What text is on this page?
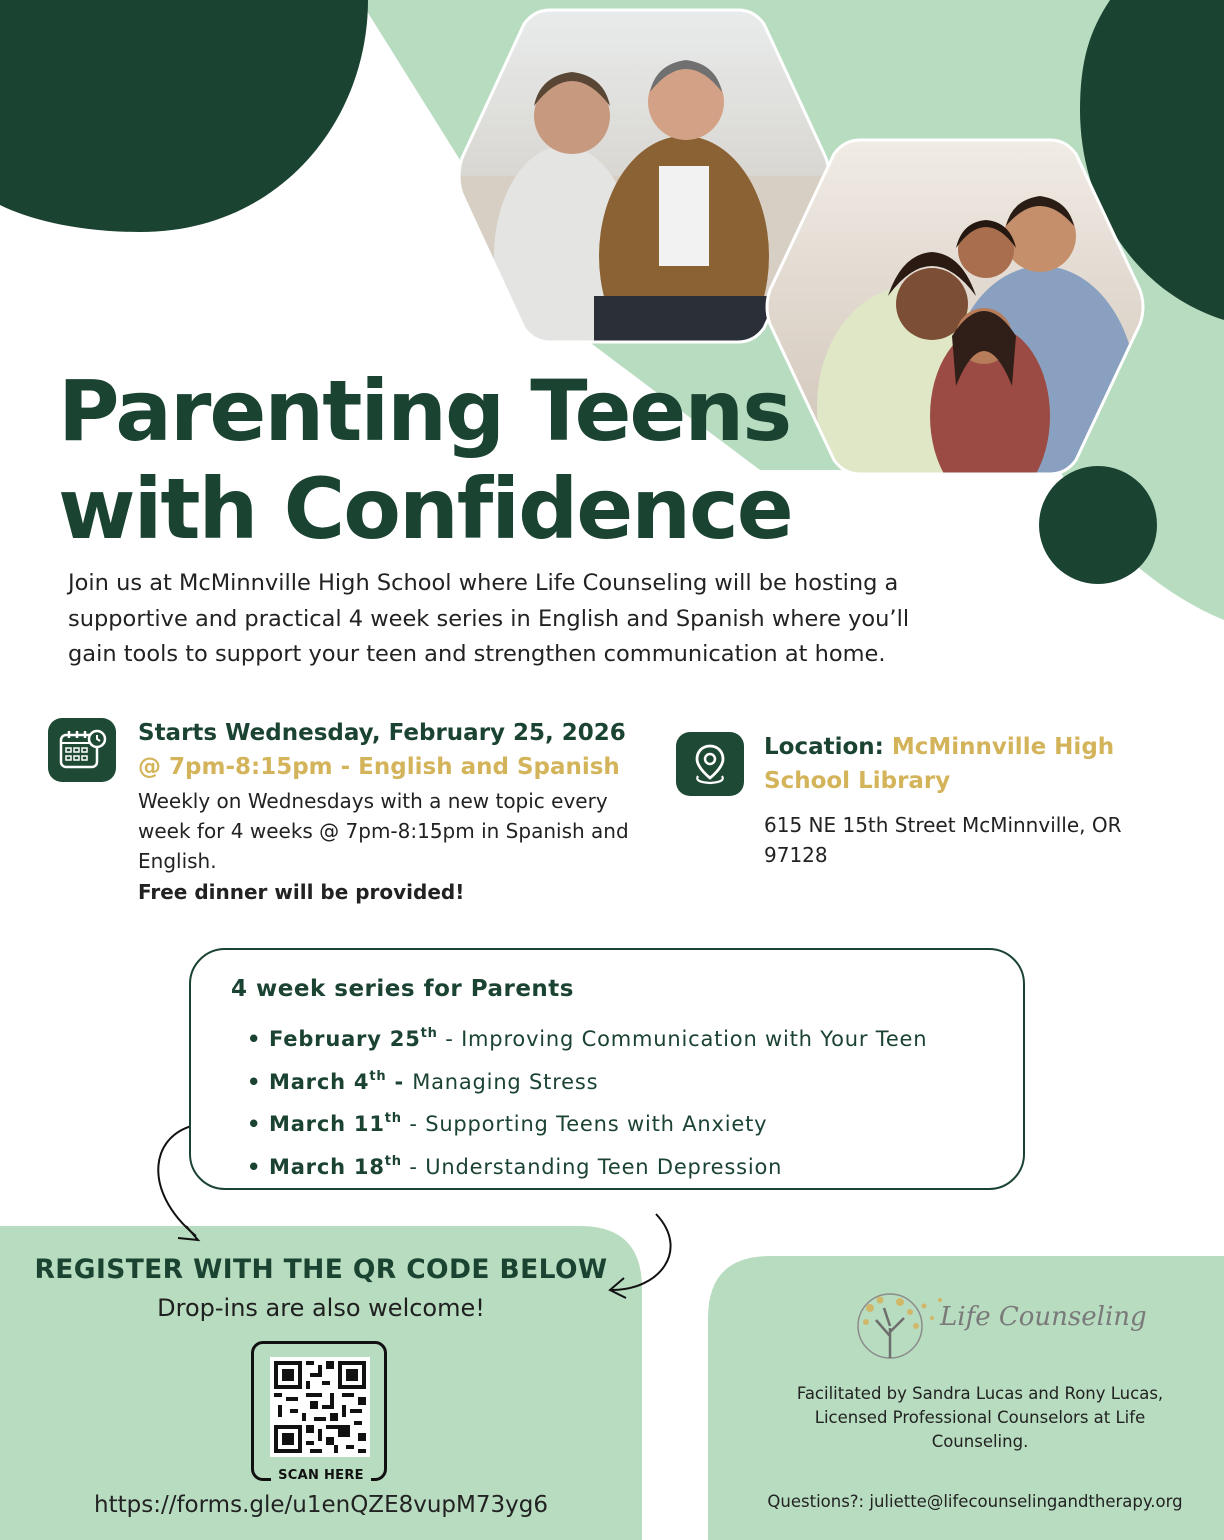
Parenting Teens
with Confidence
Join us at McMinnville High School where Life Counseling will be hosting a supportive and practical 4 week series in English and Spanish where you’ll gain tools to support your teen and strengthen communication at home.
Starts Wednesday, February 25, 2026
@ 7pm-8:15pm - English and Spanish
Weekly on Wednesdays with a new topic every week for 4 weeks @ 7pm-8:15pm in Spanish and English.
Free dinner will be provided!
Location: McMinnville High School Library
615 NE 15th Street McMinnville, OR 97128
4 week series for Parents
• February 25th - Improving Communication with Your Teen
• March 4th - Managing Stress
• March 11th - Supporting Teens with Anxiety
• March 18th - Understanding Teen Depression
REGISTER WITH THE QR CODE BELOW
Drop-ins are also welcome!
SCAN HERE
https://forms.gle/u1enQZE8vupM73yg6
Life Counseling
Facilitated by Sandra Lucas and Rony Lucas, Licensed Professional Counselors at Life Counseling.
Questions?: juliette@lifecounselingandtherapy.org
